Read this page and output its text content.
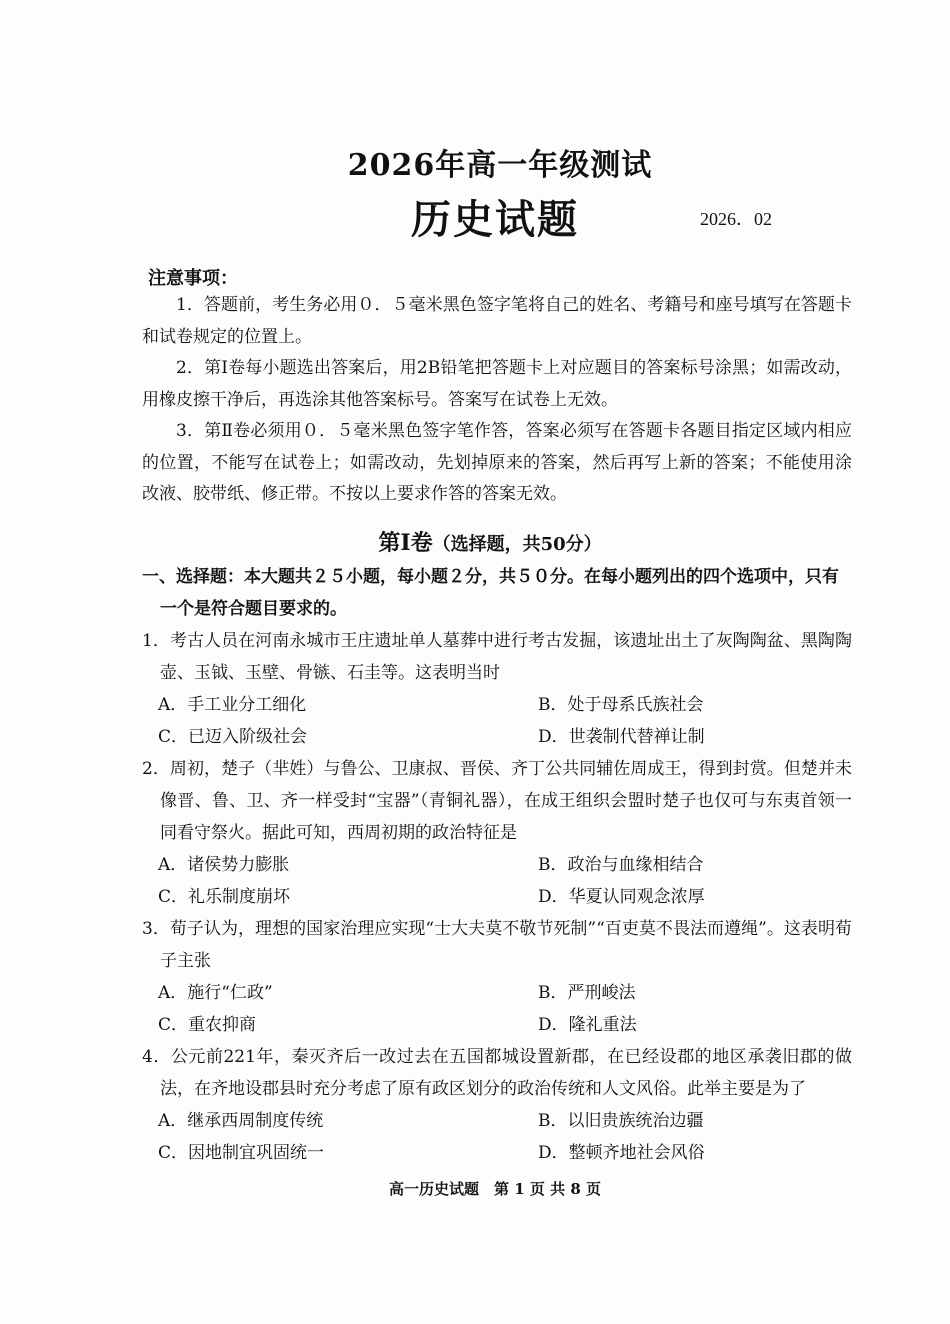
2026年高一年级测试
历史试题	2026．02
注意事项：

1．答题前，考生务必用０．５毫米黑色签字笔将自己的姓名、考籍号和座号填写在答题卡和试卷规定的位置上。

2．第Ⅰ卷每小题选出答案后，用2B铅笔把答题卡上对应题目的答案标号涂黑；如需改动，用橡皮擦干净后，再选涂其他答案标号。答案写在试卷上无效。

3．第Ⅱ卷必须用０．５毫米黑色签字笔作答，答案必须写在答题卡各题目指定区域内相应的位置，不能写在试卷上；如需改动，先划掉原来的答案，然后再写上新的答案；不能使用涂改液、胶带纸、修正带。不按以上要求作答的答案无效。

第Ⅰ卷（选择题，共50分）
一、选择题：本大题共２５小题，每小题２分，共５０分。在每小题列出的四个选项中，只有
一个是符合题目要求的。

1．考古人员在河南永城市王庄遗址单人墓葬中进行考古发掘，该遗址出土了灰陶陶盆、黑陶陶壶、玉钺、玉壁、骨镞、石圭等。这表明当时

A．手工业分工细化	B．处于母系氏族社会
C．已迈入阶级社会	D．世袭制代替禅让制

2．周初，楚子（芈姓）与鲁公、卫康叔、晋侯、齐丁公共同辅佐周成王，得到封赏。但楚并未像晋、鲁、卫、齐一样受封“宝器”（青铜礼器），在成王组织会盟时楚子也仅可与东夷首领一同看守祭火。据此可知，西周初期的政治特征是

A．诸侯势力膨胀	B．政治与血缘相结合
C．礼乐制度崩坏	D．华夏认同观念浓厚

3．荀子认为，理想的国家治理应实现“士大夫莫不敬节死制”“百吏莫不畏法而遵绳”。这表明荀子主张

A．施行“仁政”	B．严刑峻法
C．重农抑商	D．隆礼重法

4．公元前221年，秦灭齐后一改过去在五国都城设置新郡，在已经设郡的地区承袭旧郡的做法，在齐地设郡县时充分考虑了原有政区划分的政治传统和人文风俗。此举主要是为了

A．继承西周制度传统	B．以旧贵族统治边疆
C．因地制宜巩固统一	D．整顿齐地社会风俗
高一历史试题　第 1 页 共 8 页
